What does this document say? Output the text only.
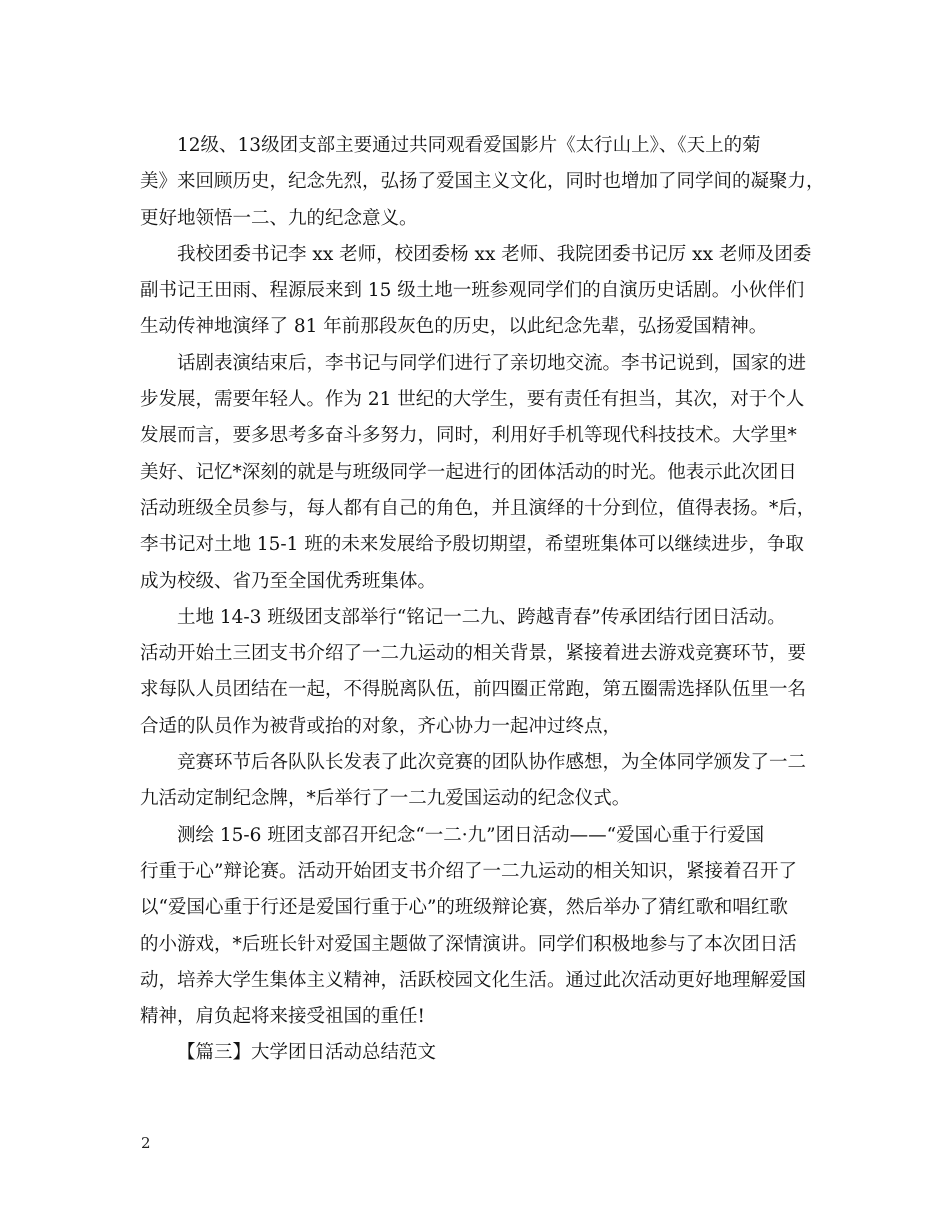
12级、13级团支部主要通过共同观看爱国影片《太行山上》、《天上的菊
美》来回顾历史，纪念先烈，弘扬了爱国主义文化，同时也增加了同学间的凝聚力，
更好地领悟一二、九的纪念意义。
我校团委书记李 xx 老师，校团委杨 xx 老师、我院团委书记厉 xx 老师及团委
副书记王田雨、程源辰来到 15 级土地一班参观同学们的自演历史话剧。小伙伴们
生动传神地演绎了 81 年前那段灰色的历史，以此纪念先辈，弘扬爱国精神。
话剧表演结束后，李书记与同学们进行了亲切地交流。李书记说到，国家的进
步发展，需要年轻人。作为 21 世纪的大学生，要有责任有担当，其次，对于个人
发展而言，要多思考多奋斗多努力，同时，利用好手机等现代科技技术。大学里*
美好、记忆*深刻的就是与班级同学一起进行的团体活动的时光。他表示此次团日
活动班级全员参与，每人都有自己的角色，并且演绎的十分到位，值得表扬。*后，
李书记对土地 15-1 班的未来发展给予殷切期望，希望班集体可以继续进步，争取
成为校级、省乃至全国优秀班集体。
土地 14-3 班级团支部举行“铭记一二九、跨越青春”传承团结行团日活动。
活动开始土三团支书介绍了一二九运动的相关背景，紧接着进去游戏竞赛环节，要
求每队人员团结在一起，不得脱离队伍，前四圈正常跑，第五圈需选择队伍里一名
合适的队员作为被背或抬的对象，齐心协力一起冲过终点，
竞赛环节后各队队长发表了此次竞赛的团队协作感想，为全体同学颁发了一二
九活动定制纪念牌，*后举行了一二九爱国运动的纪念仪式。
测绘 15-6 班团支部召开纪念“一二·九”团日活动——“爱国心重于行爱国
行重于心”辩论赛。活动开始团支书介绍了一二九运动的相关知识，紧接着召开了
以“爱国心重于行还是爱国行重于心”的班级辩论赛，然后举办了猜红歌和唱红歌
的小游戏，*后班长针对爱国主题做了深情演讲。同学们积极地参与了本次团日活
动，培养大学生集体主义精神，活跃校园文化生活。通过此次活动更好地理解爱国
精神，肩负起将来接受祖国的重任!
【篇三】大学团日活动总结范文
2
